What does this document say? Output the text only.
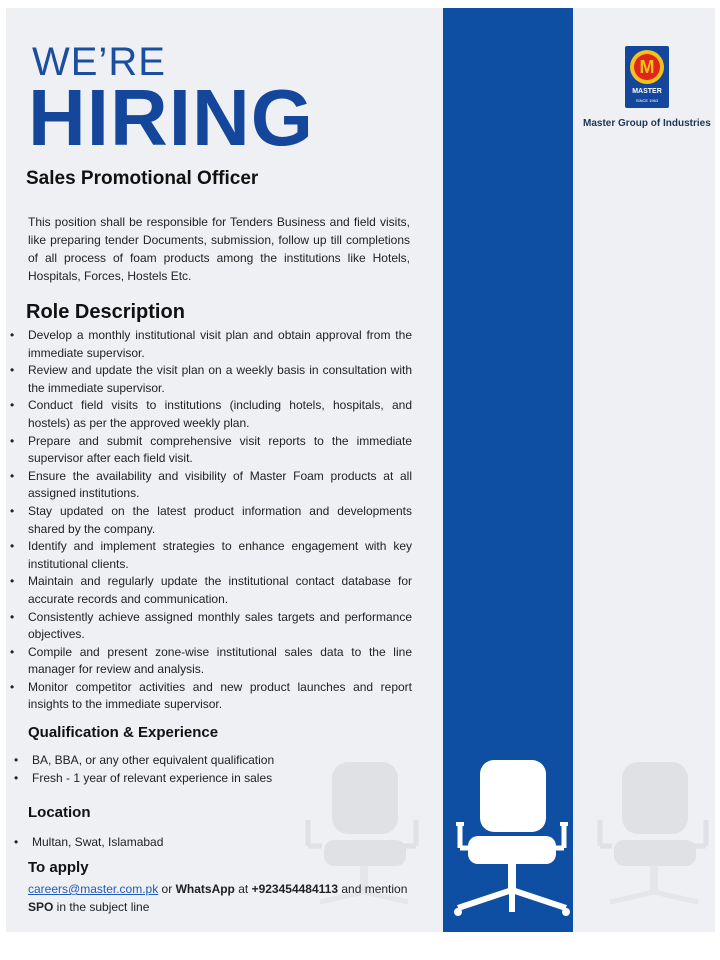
WE’RE
HIRING
M
MASTER
SINCE 1963
Master Group of Industries
Sales Promotional Officer

This position shall be responsible for Tenders Business and field visits, like preparing tender Documents, submission, follow up till completions of all process of foam products among the institutions like Hotels, Hospitals, Forces, Hostels Etc.

Role Description
• Develop a monthly institutional visit plan and obtain approval from the immediate supervisor.
• Review and update the visit plan on a weekly basis in consultation with the immediate supervisor.
• Conduct field visits to institutions (including hotels, hospitals, and hostels) as per the approved weekly plan.
• Prepare and submit comprehensive visit reports to the immediate supervisor after each field visit.
• Ensure the availability and visibility of Master Foam products at all assigned institutions.
• Stay updated on the latest product information and developments shared by the company.
• Identify and implement strategies to enhance engagement with key institutional clients.
• Maintain and regularly update the institutional contact database for accurate records and communication.
• Consistently achieve assigned monthly sales targets and performance objectives.
• Compile and present zone-wise institutional sales data to the line manager for review and analysis.
• Monitor competitor activities and new product launches and report insights to the immediate supervisor.
Qualification & Experience
• BA, BBA, or any other equivalent qualification
• Fresh - 1 year of relevant experience in sales
Location
• Multan, Swat, Islamabad
To apply

careers@master.com.pk or WhatsApp at +923454484113 and mention SPO in the subject line
